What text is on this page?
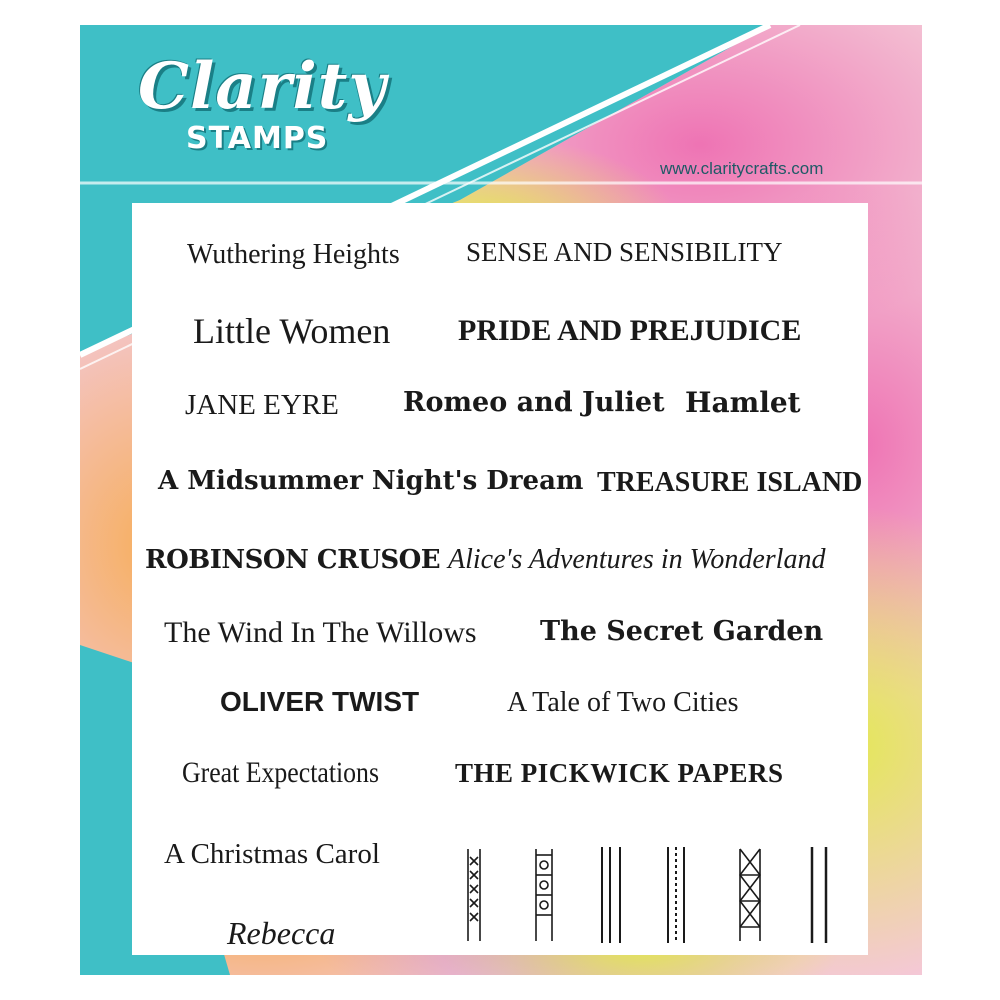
Clarity
STAMPS
www.claritycrafts.com
Wuthering Heights SENSE AND SENSIBILITY
Little Women PRIDE AND PREJUDICE
JANE EYRE Romeo and Juliet Hamlet
A Midsummer Night's Dream TREASURE ISLAND
ROBINSON CRUSOE Alice's Adventures in Wonderland
The Wind In The Willows The Secret Garden
OLIVER TWIST	A Tale of Two Cities
Great Expectations	THE PICKWICK PAPERS
A Christmas Carol
Rebecca
